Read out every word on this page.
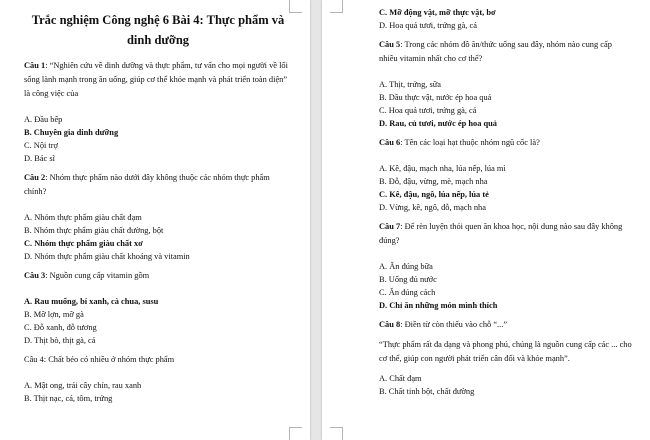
Trắc nghiệm Công nghệ 6 Bài 4: Thực phẩm và dinh dưỡng
Câu 1: “Nghiên cứu về dinh dưỡng và thực phẩm, tư vấn cho mọi người về lối sống lành mạnh trong ăn uống, giúp cơ thể khỏe mạnh và phát triển toàn diện” là công việc của
A. Đầu bếp
B. Chuyên gia dinh dưỡng
C. Nội trợ
D. Bác sĩ
Câu 2: Nhóm thực phẩm nào dưới đây không thuộc các nhóm thực phẩm chính?
A. Nhóm thực phẩm giàu chất đạm
B. Nhóm thực phẩm giàu chất đường, bột
C. Nhóm thực phẩm giàu chất xơ
D. Nhóm thực phẩm giàu chất khoáng và vitamin
Câu 3: Nguồn cung cấp vitamin gồm
A. Rau muống, bí xanh, cà chua, susu
B. Mỡ lợn, mỡ gà
C. Đỗ xanh, đỗ tương
D. Thịt bò, thịt gà, cá
Câu 4: Chất béo có nhiều ở nhóm thực phẩm
A. Mật ong, trái cây chín, rau xanh
B. Thịt nạc, cá, tôm, trứng
C. Mỡ động vật, mỡ thực vật, bơ
D. Hoa quả tươi, trứng gà, cá
Câu 5: Trong các nhóm đồ ăn/thức uống sau đây, nhóm nào cung cấp nhiều vitamin nhất cho cơ thể?
A. Thịt, trứng, sữa
B. Dầu thực vật, nước ép hoa quả
C. Hoa quả tươi, trứng gà, cá
D. Rau, củ tươi, nước ép hoa quả
Câu 6: Tên các loại hạt thuộc nhóm ngũ cốc là?
A. Kê, đậu, mạch nha, lúa nếp, lúa mì
B. Đỗ, đậu, vừng, mè, mạch nha
C. Kê, đậu, ngô, lúa nếp, lúa tẻ
D. Vừng, kê, ngô, đỗ, mạch nha
Câu 7: Để rèn luyện thói quen ăn khoa học, nội dung nào sau đây không đúng?
A. Ăn đúng bữa
B. Uống đủ nước
C. Ăn đúng cách
D. Chỉ ăn những món mình thích
Câu 8: Điền từ còn thiếu vào chỗ “...”
“Thực phẩm rất đa dạng và phong phú, chúng là nguồn cung cấp các ... cho cơ thể, giúp con người phát triển cân đối và khỏe mạnh”.
A. Chất đạm
B. Chất tinh bột, chất đường
